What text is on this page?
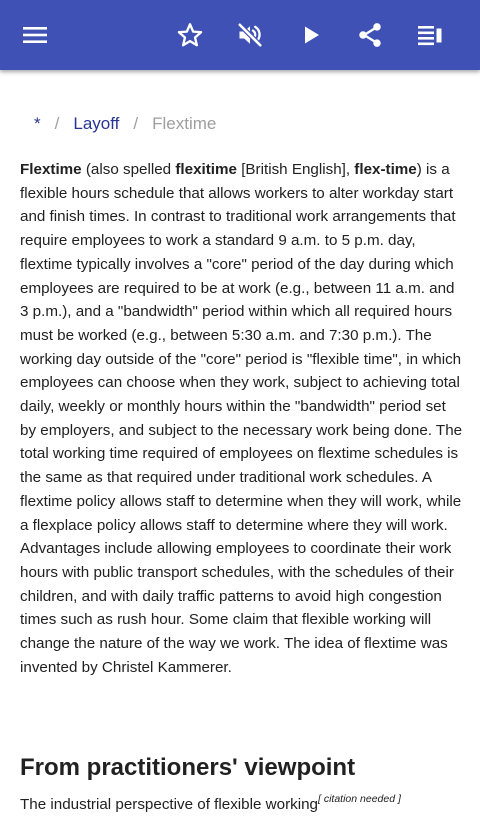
* / Layoff / Flextime

Flextime (also spelled flexitime [British English], flex-time) is a flexible hours schedule that allows workers to alter workday start and finish times. In contrast to traditional work arrangements that require employees to work a standard 9 a.m. to 5 p.m. day, flextime typically involves a "core" period of the day during which employees are required to be at work (e.g., between 11 a.m. and 3 p.m.), and a "bandwidth" period within which all required hours must be worked (e.g., between 5:30 a.m. and 7:30 p.m.). The working day outside of the "core" period is "flexible time", in which employees can choose when they work, subject to achieving total daily, weekly or monthly hours within the "bandwidth" period set by employers, and subject to the necessary work being done. The total working time required of employees on flextime schedules is the same as that required under traditional work schedules. A flextime policy allows staff to determine when they will work, while a flexplace policy allows staff to determine where they will work. Advantages include allowing employees to coordinate their work hours with public transport schedules, with the schedules of their children, and with daily traffic patterns to avoid high congestion times such as rush hour. Some claim that flexible working will change the nature of the way we work. The idea of flextime was invented by Christel Kammerer.

From practitioners' viewpoint
The industrial perspective of flexible working[ citation needed ]
